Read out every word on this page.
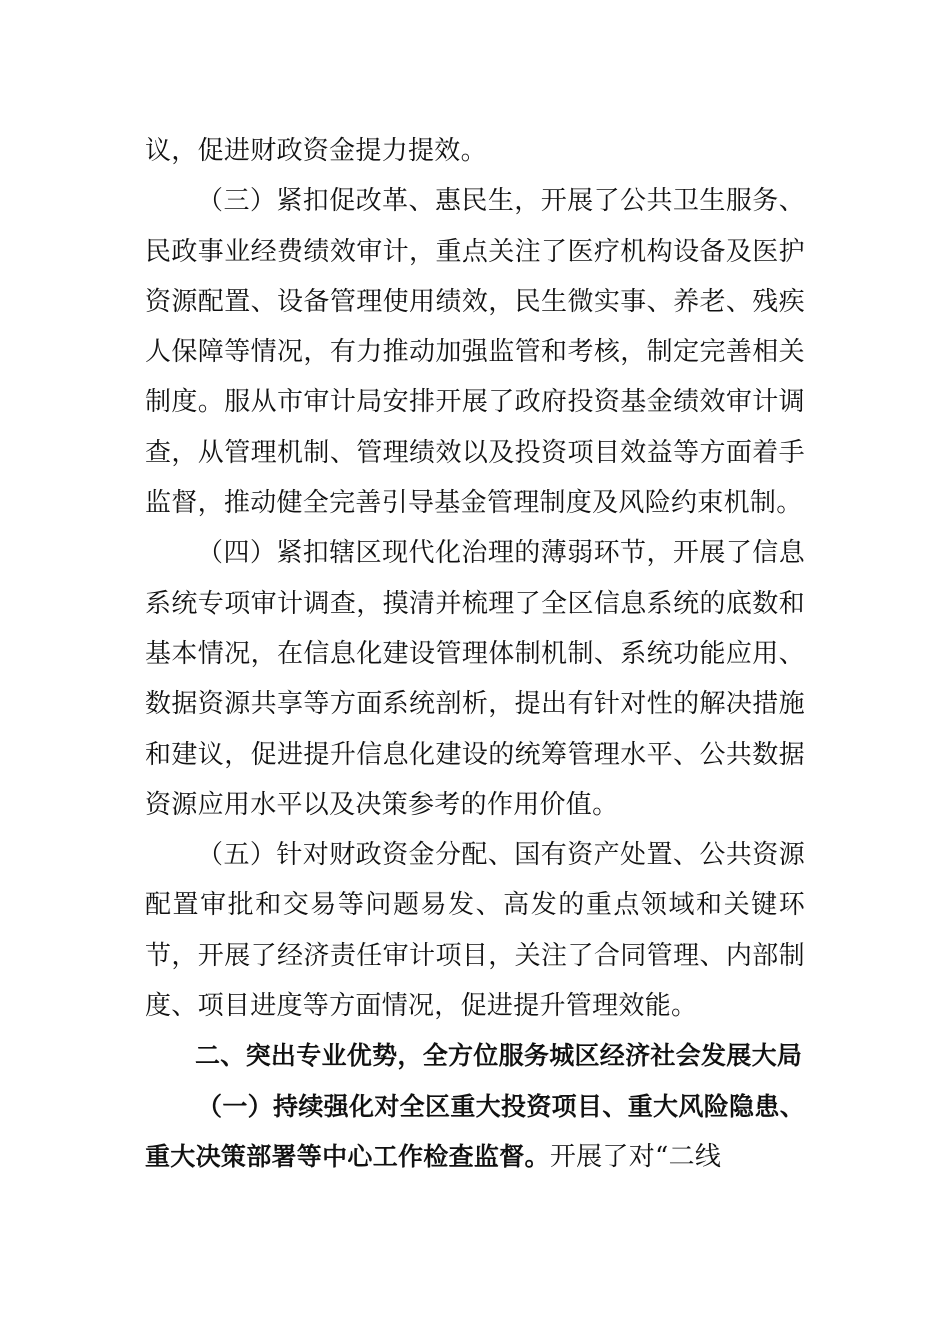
议，促进财政资金提力提效。

（三）紧扣促改革、惠民生，开展了公共卫生服务、民政事业经费绩效审计，重点关注了医疗机构设备及医护资源配置、设备管理使用绩效，民生微实事、养老、残疾人保障等情况，有力推动加强监管和考核，制定完善相关制度。服从市审计局安排开展了政府投资基金绩效审计调查，从管理机制、管理绩效以及投资项目效益等方面着手监督，推动健全完善引导基金管理制度及风险约束机制。

（四）紧扣辖区现代化治理的薄弱环节，开展了信息系统专项审计调查，摸清并梳理了全区信息系统的底数和基本情况，在信息化建设管理体制机制、系统功能应用、数据资源共享等方面系统剖析，提出有针对性的解决措施和建议，促进提升信息化建设的统筹管理水平、公共数据资源应用水平以及决策参考的作用价值。

（五）针对财政资金分配、国有资产处置、公共资源配置审批和交易等问题易发、高发的重点领域和关键环节，开展了经济责任审计项目，关注了合同管理、内部制度、项目进度等方面情况，促进提升管理效能。

二、突出专业优势，全方位服务城区经济社会发展大局

（一）持续强化对全区重大投资项目、重大风险隐患、重大决策部署等中心工作检查监督。开展了对“二线
